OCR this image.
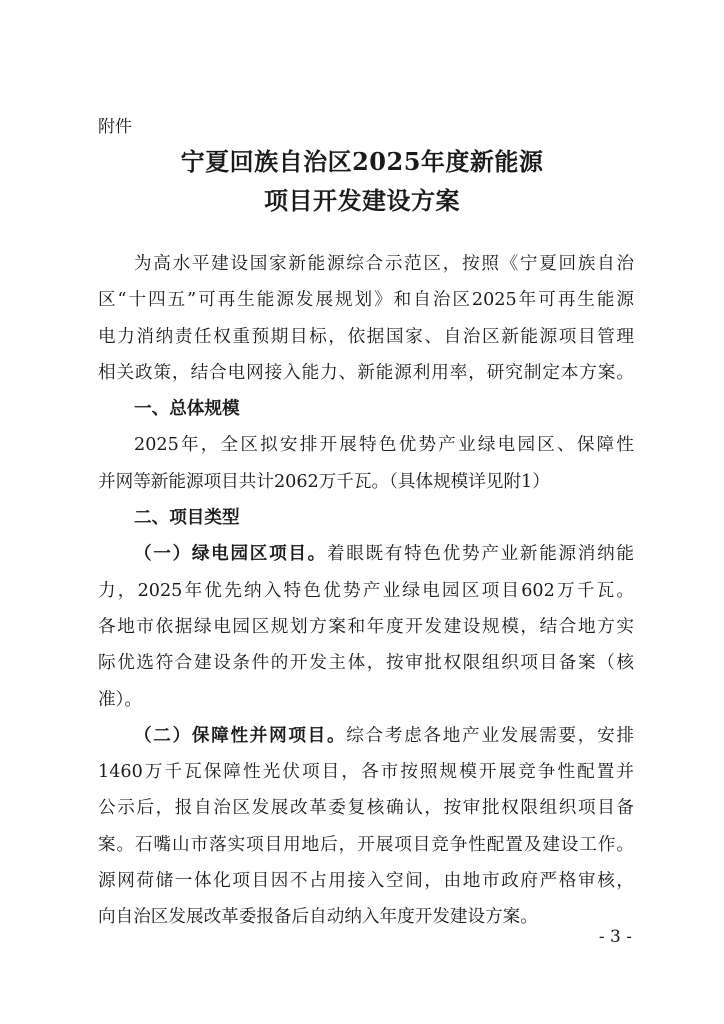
附件
宁夏回族自治区2025年度新能源
项目开发建设方案
为高水平建设国家新能源综合示范区，按照《宁夏回族自治
区“十四五”可再生能源发展规划》和自治区2025年可再生能源
电力消纳责任权重预期目标，依据国家、自治区新能源项目管理
相关政策，结合电网接入能力、新能源利用率，研究制定本方案。
一、总体规模
2025年，全区拟安排开展特色优势产业绿电园区、保障性
并网等新能源项目共计2062万千瓦。（具体规模详见附1）
二、项目类型
（一）绿电园区项目。着眼既有特色优势产业新能源消纳能
力，2025年优先纳入特色优势产业绿电园区项目602万千瓦。
各地市依据绿电园区规划方案和年度开发建设规模，结合地方实
际优选符合建设条件的开发主体，按审批权限组织项目备案（核
准）。
（二）保障性并网项目。综合考虑各地产业发展需要，安排
1460万千瓦保障性光伏项目，各市按照规模开展竞争性配置并
公示后，报自治区发展改革委复核确认，按审批权限组织项目备
案。石嘴山市落实项目用地后，开展项目竞争性配置及建设工作。
源网荷储一体化项目因不占用接入空间，由地市政府严格审核，
向自治区发展改革委报备后自动纳入年度开发建设方案。
- 3 -
